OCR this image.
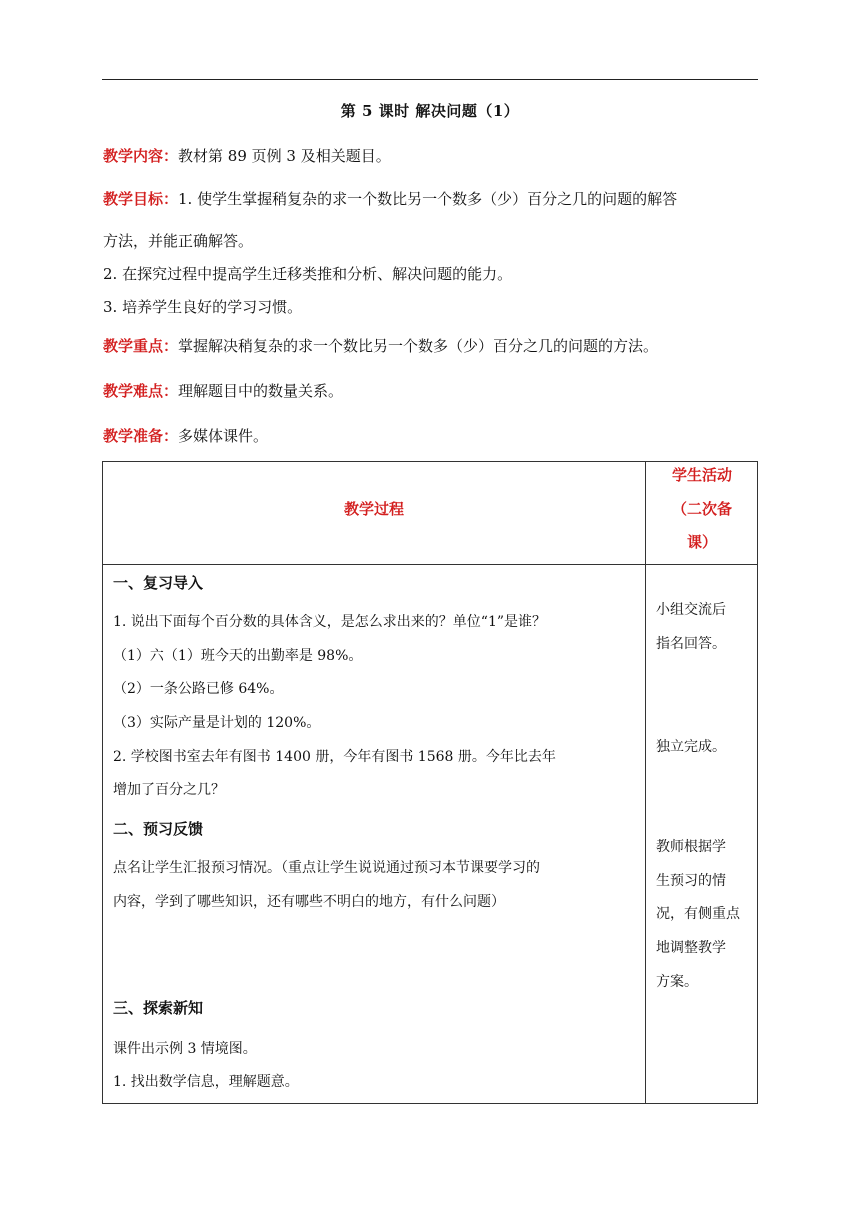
第 5 课时 解决问题（1）
教学内容：教材第 89 页例 3 及相关题目。
教学目标：1. 使学生掌握稍复杂的求一个数比另一个数多（少）百分之几的问题的解答
方法，并能正确解答。
2. 在探究过程中提高学生迁移类推和分析、解决问题的能力。
3. 培养学生良好的学习习惯。
教学重点：掌握解决稍复杂的求一个数比另一个数多（少）百分之几的问题的方法。
教学难点：理解题目中的数量关系。
教学准备：多媒体课件。
教学过程
学生活动
（二次备
课）
一、复习导入
1. 说出下面每个百分数的具体含义，是怎么求出来的？单位“1”是谁？
（1）六（1）班今天的出勤率是 98%。
（2）一条公路已修 64%。
（3）实际产量是计划的 120%。
2. 学校图书室去年有图书 1400 册，今年有图书 1568 册。今年比去年
增加了百分之几？
二、预习反馈
点名让学生汇报预习情况。（重点让学生说说通过预习本节课要学习的
内容，学到了哪些知识，还有哪些不明白的地方，有什么问题）
三、探索新知
课件出示例 3 情境图。
1. 找出数学信息，理解题意。
小组交流后
指名回答。
独立完成。
教师根据学
生预习的情
况，有侧重点
地调整教学
方案。
